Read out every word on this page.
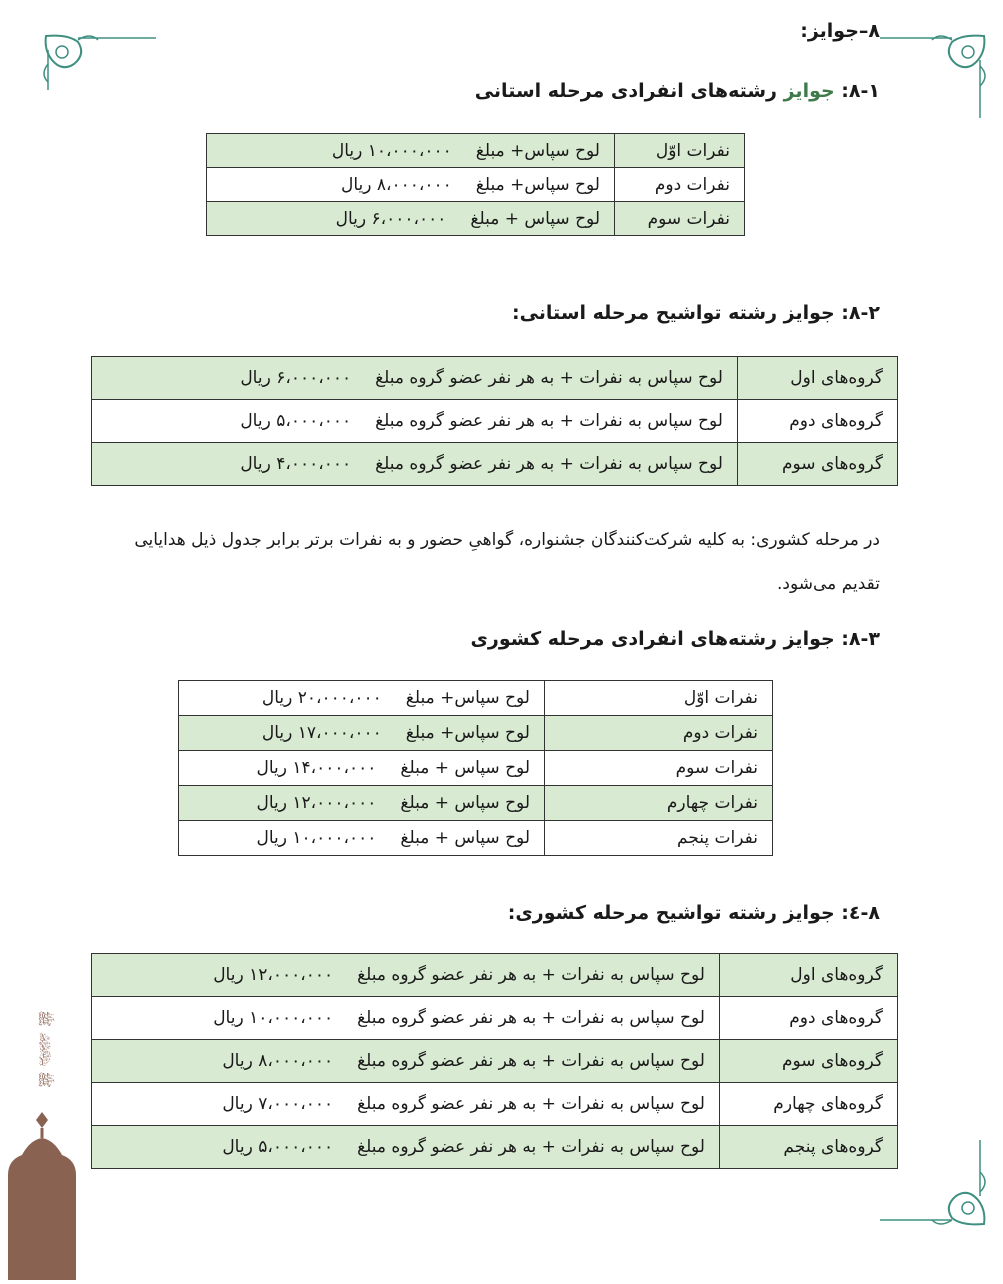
ﷺ ﷽ ﷺ
۸–جوایز:
۸-۱: جوایز رشته‌های انفرادی مرحله استانی
نفرات اوّل	لوح سپاس+ مبلغ۱۰،۰۰۰،۰۰۰ ریال
نفرات دوم	لوح سپاس+ مبلغ۸،۰۰۰،۰۰۰ ریال
نفرات سوم	لوح سپاس + مبلغ۶،۰۰۰،۰۰۰ ریال
۸-۲: جوایز رشته تواشیح مرحله استانی:
گروه‌های اول	لوح سپاس به نفرات + به هر نفر عضو گروه مبلغ۶،۰۰۰،۰۰۰ ریال
گروه‌های دوم	لوح سپاس به نفرات + به هر نفر عضو گروه مبلغ۵،۰۰۰،۰۰۰ ریال
گروه‌های سوم	لوح سپاس به نفرات + به هر نفر عضو گروه مبلغ۴،۰۰۰،۰۰۰ ریال
در مرحله کشوری: به کلیه شرکت‌کنندگان جشنواره، گواهیِ حضور و به نفرات برتر برابر جدول ذیل هدایایی
تقدیم می‌شود.
۸-۳: جوایز رشته‌های انفرادی مرحله کشوری
نفرات اوّل	لوح سپاس+ مبلغ۲۰،۰۰۰،۰۰۰ ریال
نفرات دوم	لوح سپاس+ مبلغ۱۷،۰۰۰،۰۰۰ ریال
نفرات سوم	لوح سپاس + مبلغ۱۴،۰۰۰،۰۰۰ ریال
نفرات چهارم	لوح سپاس + مبلغ۱۲،۰۰۰،۰۰۰ ریال
نفرات پنجم	لوح سپاس + مبلغ۱۰،۰۰۰،۰۰۰ ریال
۸-٤: جوایز رشته تواشیح مرحله کشوری:
گروه‌های اول	لوح سپاس به نفرات + به هر نفر عضو گروه مبلغ۱۲،۰۰۰،۰۰۰ ریال
گروه‌های دوم	لوح سپاس به نفرات + به هر نفر عضو گروه مبلغ۱۰،۰۰۰،۰۰۰ ریال
گروه‌های سوم	لوح سپاس به نفرات + به هر نفر عضو گروه مبلغ۸،۰۰۰،۰۰۰ ریال
گروه‌های چهارم	لوح سپاس به نفرات + به هر نفر عضو گروه مبلغ۷،۰۰۰،۰۰۰ ریال
گروه‌های پنجم	لوح سپاس به نفرات + به هر نفر عضو گروه مبلغ۵،۰۰۰،۰۰۰ ریال
